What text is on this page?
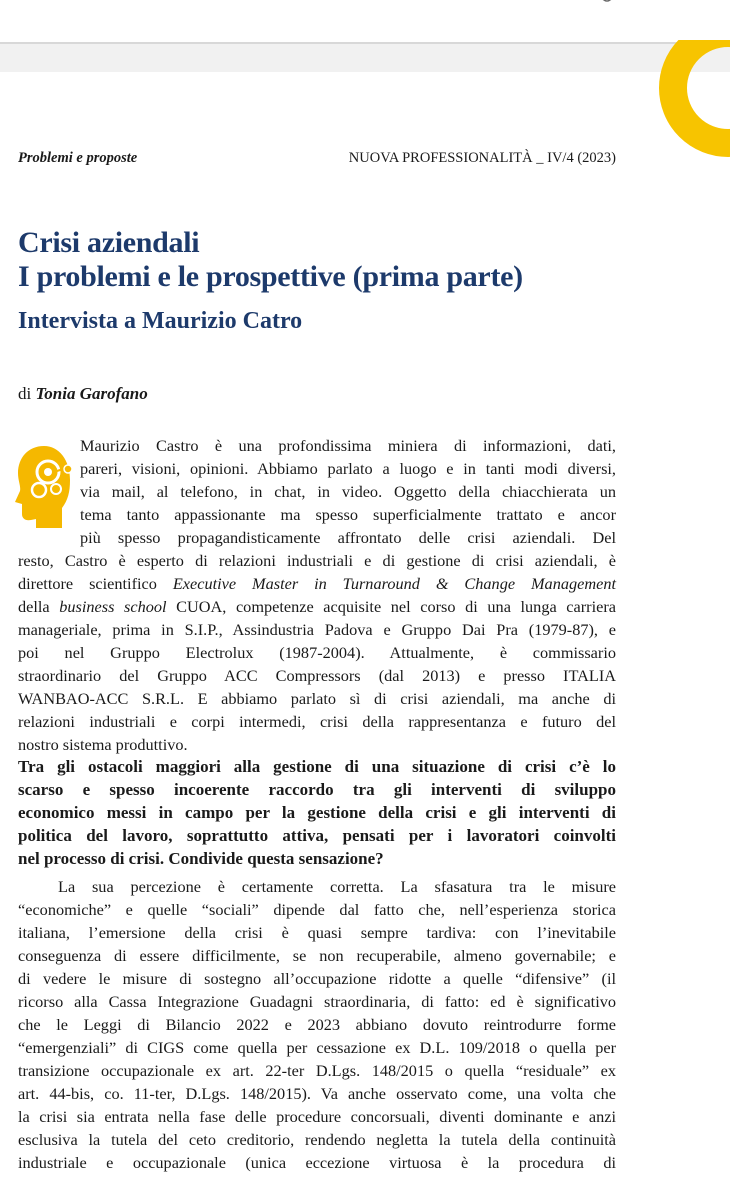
Problemi e proposte	NUOVA PROFESSIONALITÀ _ IV/4 (2023)
Crisi aziendali
I problemi e le prospettive (prima parte)
Intervista a Maurizio Catro
di Tonia Garofano

Maurizio Castro è una profondissima miniera di informazioni, dati,

pareri, visioni, opinioni. Abbiamo parlato a luogo e in tanti modi diversi,

via mail, al telefono, in chat, in video. Oggetto della chiacchierata un

tema tanto appassionante ma spesso superficialmente trattato e ancor

più spesso propagandisticamente affrontato delle crisi aziendali. Del

resto, Castro è esperto di relazioni industriali e di gestione di crisi aziendali, è

direttore scientifico Executive Master in Turnaround & Change Management

della business school CUOA, competenze acquisite nel corso di una lunga carriera

manageriale, prima in S.I.P., Assindustria Padova e Gruppo Dai Pra (1979-87), e

poi nel Gruppo Electrolux (1987-2004). Attualmente, è commissario

straordinario del Gruppo ACC Compressors (dal 2013) e presso ITALIA

WANBAO-ACC S.R.L. E abbiamo parlato sì di crisi aziendali, ma anche di

relazioni industriali e corpi intermedi, crisi della rappresentanza e futuro del

nostro sistema produttivo.

Tra gli ostacoli maggiori alla gestione di una situazione di crisi c’è lo

scarso e spesso incoerente raccordo tra gli interventi di sviluppo

economico messi in campo per la gestione della crisi e gli interventi di

politica del lavoro, soprattutto attiva, pensati per i lavoratori coinvolti

nel processo di crisi. Condivide questa sensazione?

La sua percezione è certamente corretta. La sfasatura tra le misure

“economiche” e quelle “sociali” dipende dal fatto che, nell’esperienza storica

italiana, l’emersione della crisi è quasi sempre tardiva: con l’inevitabile

conseguenza di essere difficilmente, se non recuperabile, almeno governabile; e

di vedere le misure di sostegno all’occupazione ridotte a quelle “difensive” (il

ricorso alla Cassa Integrazione Guadagni straordinaria, di fatto: ed è significativo

che le Leggi di Bilancio 2022 e 2023 abbiano dovuto reintrodurre forme

“emergenziali” di CIGS come quella per cessazione ex D.L. 109/2018 o quella per

transizione occupazionale ex art. 22-ter D.Lgs. 148/2015 o quella “residuale” ex

art. 44-bis, co. 11-ter, D.Lgs. 148/2015). Va anche osservato come, una volta che

la crisi sia entrata nella fase delle procedure concorsuali, diventi dominante e anzi

esclusiva la tutela del ceto creditorio, rendendo negletta la tutela della continuità

industriale e occupazionale (unica eccezione virtuosa è la procedura di
